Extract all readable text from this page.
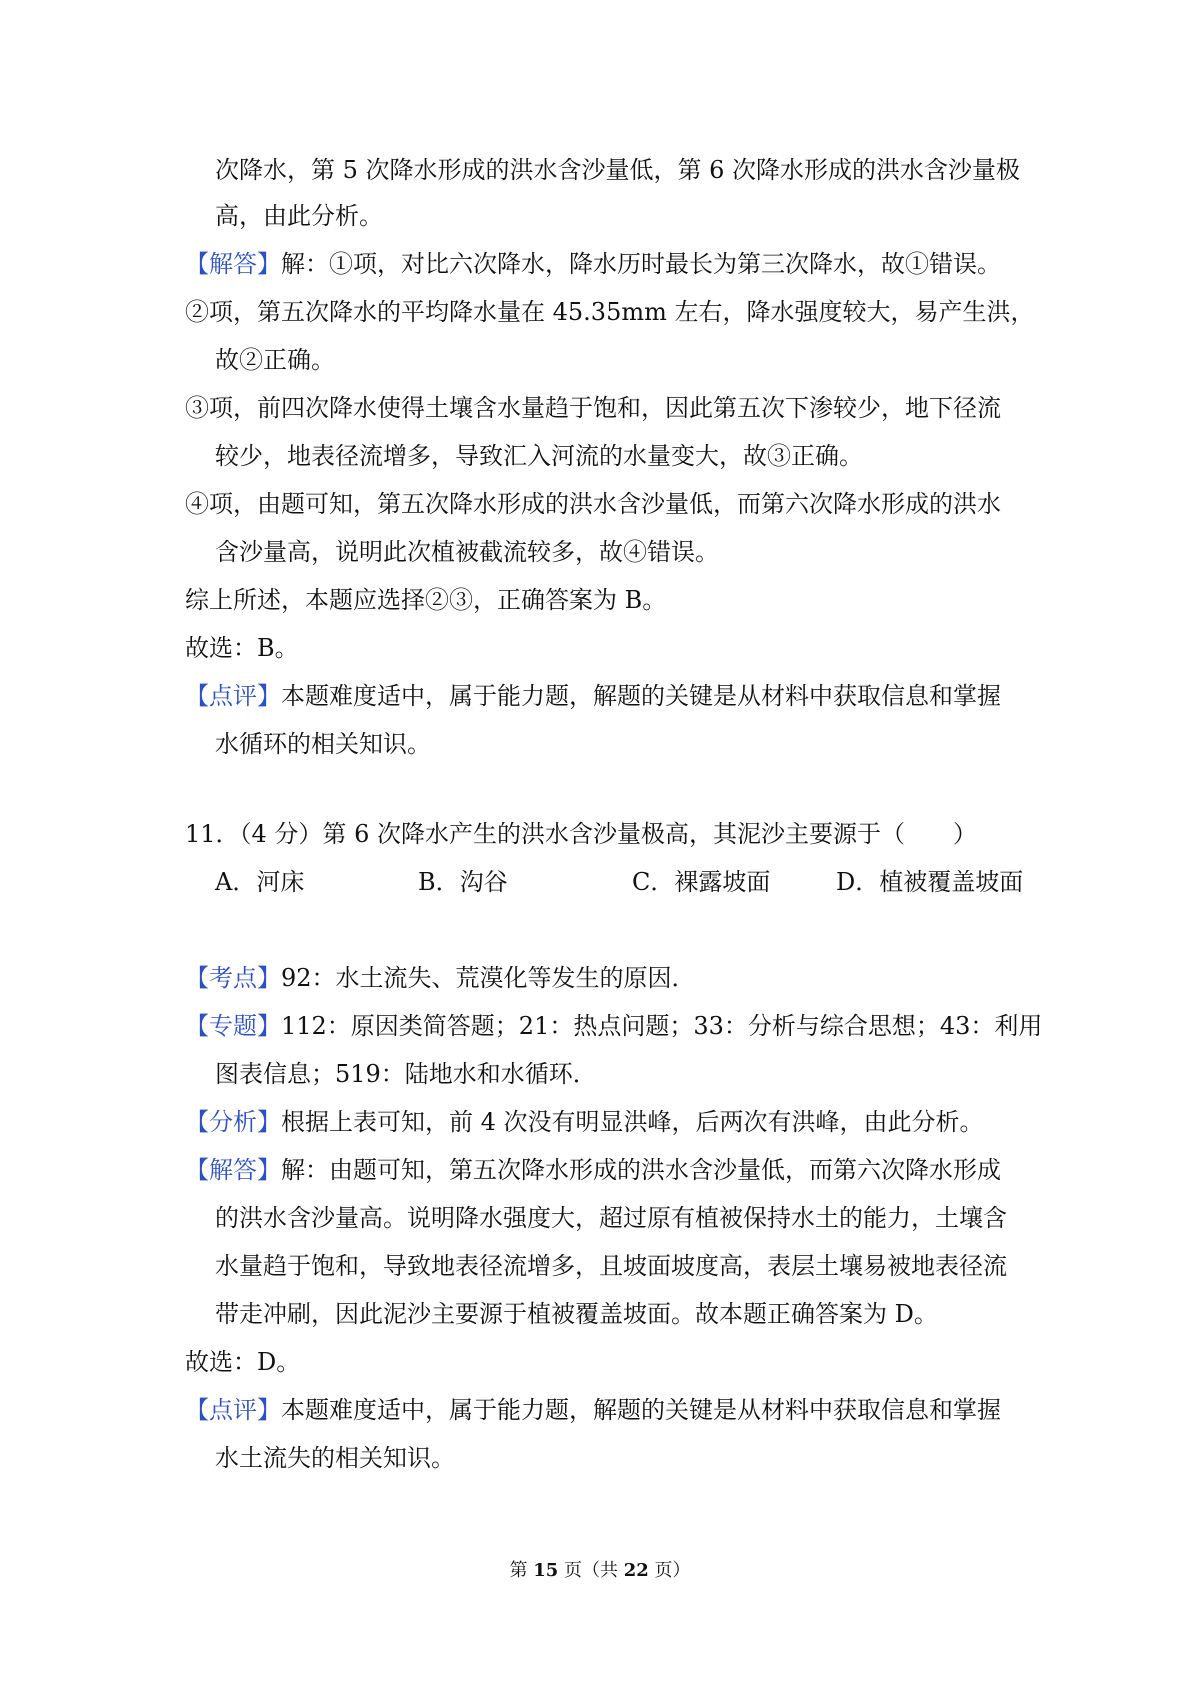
次降水，第 5 次降水形成的洪水含沙量低，第 6 次降水形成的洪水含沙量极
高，由此分析。
【解答】解：①项，对比六次降水，降水历时最长为第三次降水，故①错误。
②项，第五次降水的平均降水量在 45.35mm 左右，降水强度较大，易产生洪，
故②正确。
③项，前四次降水使得土壤含水量趋于饱和，因此第五次下渗较少，地下径流
较少，地表径流增多，导致汇入河流的水量变大，故③正确。
④项，由题可知，第五次降水形成的洪水含沙量低，而第六次降水形成的洪水
含沙量高，说明此次植被截流较多，故④错误。
综上所述，本题应选择②③，正确答案为 B。
故选：B。
【点评】本题难度适中，属于能力题，解题的关键是从材料中获取信息和掌握
水循环的相关知识。
11．（4 分）第 6 次降水产生的洪水含沙量极高，其泥沙主要源于（　　）
A．河床	B．沟谷	C．裸露坡面	D．植被覆盖坡面
【考点】92：水土流失、荒漠化等发生的原因．
【专题】112：原因类简答题；21：热点问题；33：分析与综合思想；43：利用
图表信息；519：陆地水和水循环．
【分析】根据上表可知，前 4 次没有明显洪峰，后两次有洪峰，由此分析。
【解答】解：由题可知，第五次降水形成的洪水含沙量低，而第六次降水形成
的洪水含沙量高。说明降水强度大，超过原有植被保持水土的能力，土壤含
水量趋于饱和，导致地表径流增多，且坡面坡度高，表层土壤易被地表径流
带走冲刷，因此泥沙主要源于植被覆盖坡面。故本题正确答案为 D。
故选：D。
【点评】本题难度适中，属于能力题，解题的关键是从材料中获取信息和掌握
水土流失的相关知识。
第 15 页（共 22 页）
